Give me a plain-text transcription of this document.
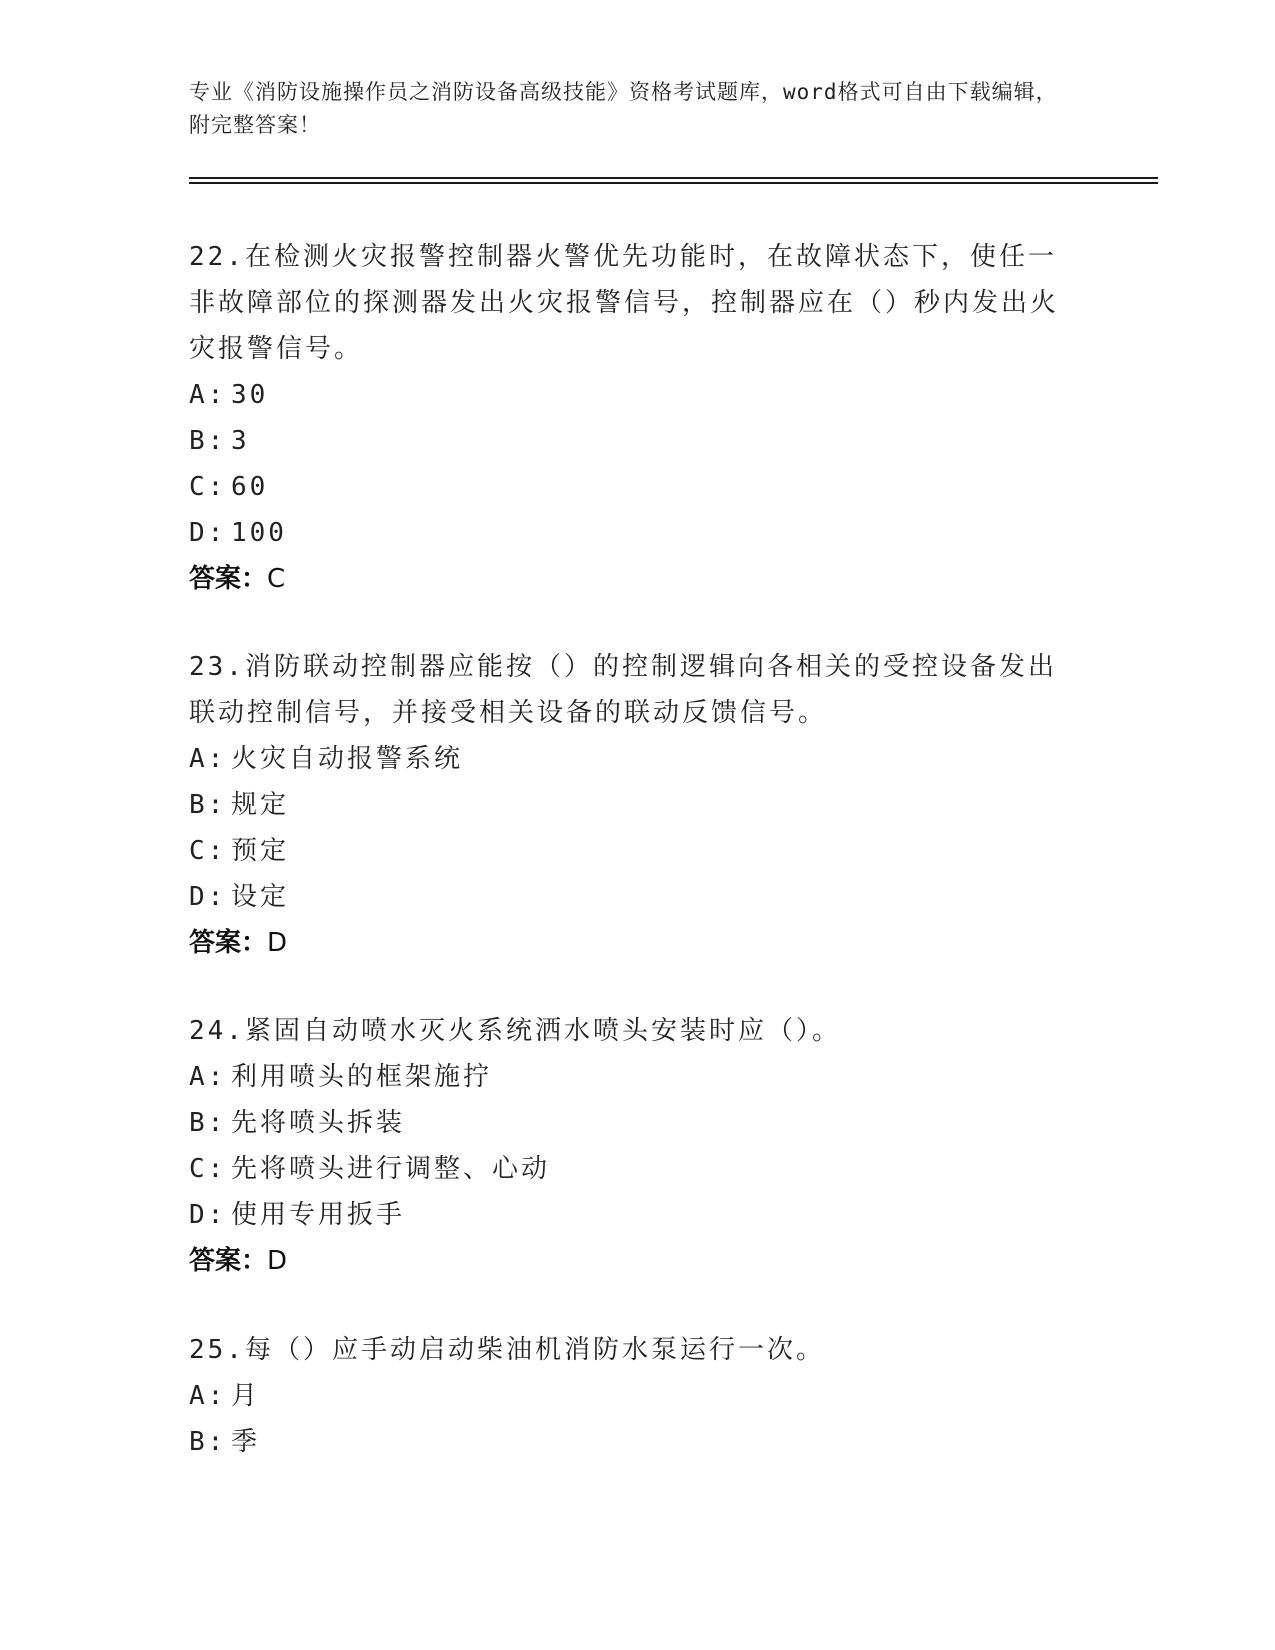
专业《消防设施操作员之消防设备高级技能》资格考试题库，word格式可自由下载编辑，附完整答案！
22.在检测火灾报警控制器火警优先功能时，在故障状态下，使任一非故障部位的探测器发出火灾报警信号，控制器应在（）秒内发出火灾报警信号。
A: 30
B: 3
C: 60
D: 100
答案：C
23.消防联动控制器应能按（）的控制逻辑向各相关的受控设备发出联动控制信号，并接受相关设备的联动反馈信号。
A: 火灾自动报警系统
B: 规定
C: 预定
D: 设定
答案：D
24.紧固自动喷水灭火系统洒水喷头安装时应（）。
A: 利用喷头的框架施拧
B: 先将喷头拆装
C: 先将喷头进行调整、心动
D: 使用专用扳手
答案：D
25.每（）应手动启动柴油机消防水泵运行一次。
A: 月
B: 季
